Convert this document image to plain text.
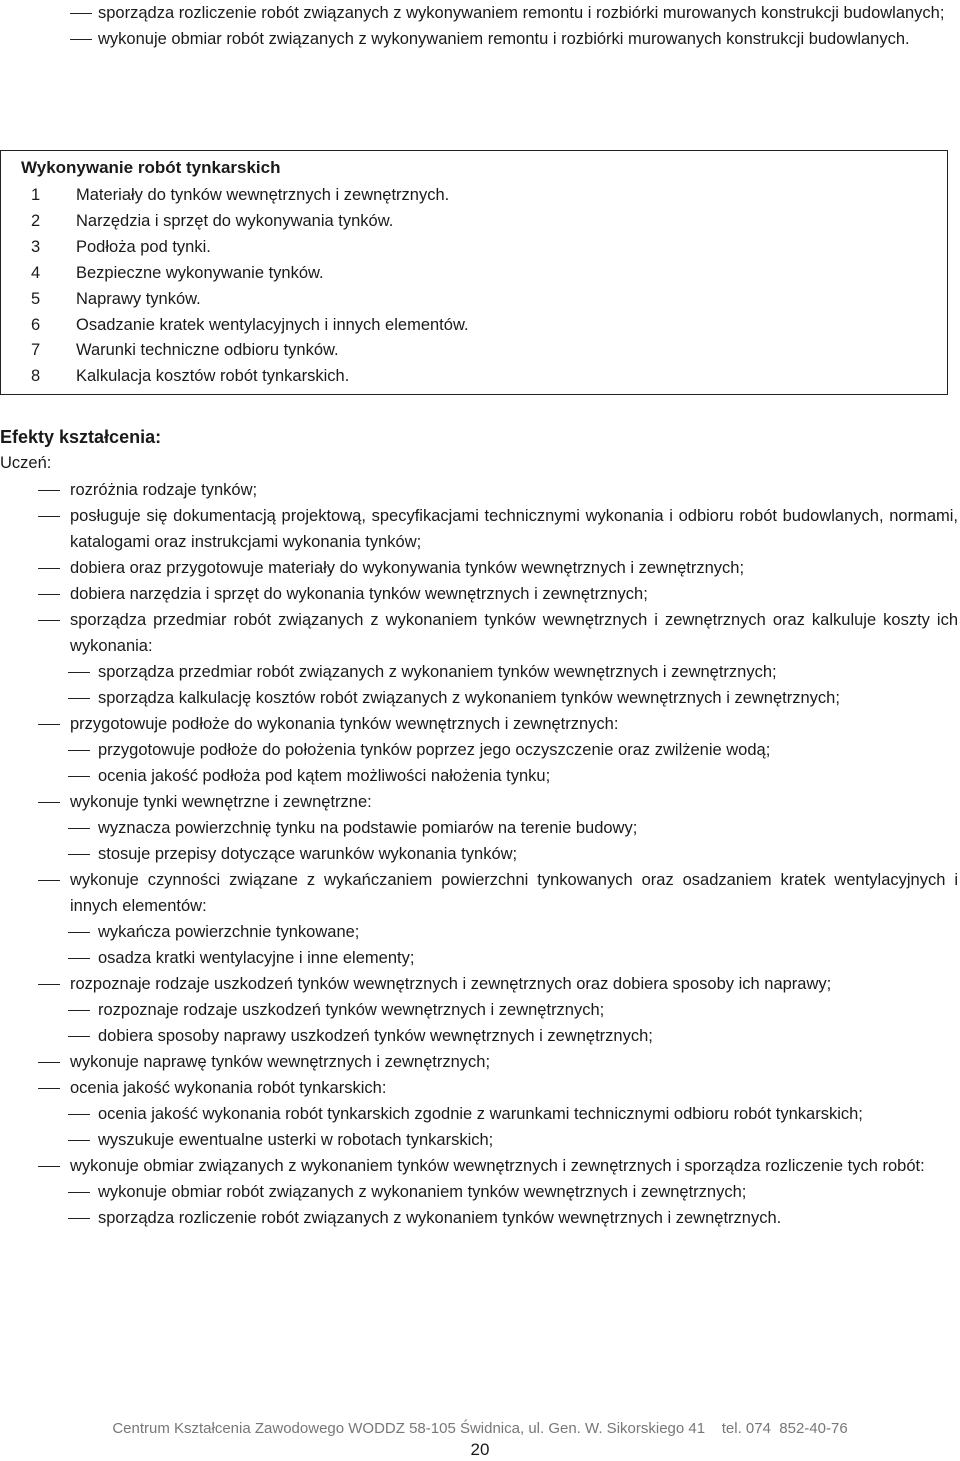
sporządza rozliczenie robót związanych z wykonywaniem remontu i rozbiórki murowanych konstrukcji budowlanych;
wykonuje obmiar robót związanych z wykonywaniem remontu i rozbiórki murowanych konstrukcji budowlanych.
Wykonywanie robót tynkarskich
1 Materiały do tynków wewnętrznych i zewnętrznych.
2 Narzędzia i sprzęt do wykonywania tynków.
3 Podłoża pod tynki.
4 Bezpieczne wykonywanie tynków.
5 Naprawy tynków.
6 Osadzanie kratek wentylacyjnych i innych elementów.
7 Warunki techniczne odbioru tynków.
8 Kalkulacja kosztów robót tynkarskich.
Efekty kształcenia:
Uczeń:
rozróżnia rodzaje tynków;
posługuje się dokumentacją projektową, specyfikacjami technicznymi wykonania i odbioru robót budowlanych, normami, katalogami oraz instrukcjami wykonania tynków;
dobiera oraz przygotowuje materiały do wykonywania tynków wewnętrznych i zewnętrznych;
dobiera narzędzia i sprzęt do wykonania tynków wewnętrznych i zewnętrznych;
sporządza przedmiar robót związanych z wykonaniem tynków wewnętrznych i zewnętrznych oraz kalkuluje koszty ich wykonania:
sporządza przedmiar robót związanych z wykonaniem tynków wewnętrznych i zewnętrznych;
sporządza kalkulację kosztów robót związanych z wykonaniem tynków wewnętrznych i zewnętrznych;
przygotowuje podłoże do wykonania tynków wewnętrznych i zewnętrznych:
przygotowuje podłoże do położenia tynków poprzez jego oczyszczenie oraz zwilżenie wodą;
ocenia jakość podłoża pod kątem możliwości nałożenia tynku;
wykonuje tynki wewnętrzne i zewnętrzne:
wyznacza powierzchnię tynku na podstawie pomiarów na terenie budowy;
stosuje przepisy dotyczące warunków wykonania tynków;
wykonuje czynności związane z wykańczaniem powierzchni tynkowanych oraz osadzaniem kratek wentylacyjnych i innych elementów:
wykańcza powierzchnie tynkowane;
osadza kratki wentylacyjne i inne elementy;
rozpoznaje rodzaje uszkodzeń tynków wewnętrznych i zewnętrznych oraz dobiera sposoby ich naprawy;
rozpoznaje rodzaje uszkodzeń tynków wewnętrznych i zewnętrznych;
dobiera sposoby naprawy uszkodzeń tynków wewnętrznych i zewnętrznych;
wykonuje naprawę tynków wewnętrznych i zewnętrznych;
ocenia jakość wykonania robót tynkarskich:
ocenia jakość wykonania robót tynkarskich zgodnie z warunkami technicznymi odbioru robót tynkarskich;
wyszukuje ewentualne usterki w robotach tynkarskich;
wykonuje obmiar związanych z wykonaniem tynków wewnętrznych i zewnętrznych i sporządza rozliczenie tych robót:
wykonuje obmiar robót związanych z wykonaniem tynków wewnętrznych i zewnętrznych;
sporządza rozliczenie robót związanych z wykonaniem tynków wewnętrznych i zewnętrznych.
Centrum Kształcenia Zawodowego WODDZ 58-105 Świdnica, ul. Gen. W. Sikorskiego 41    tel. 074  852-40-76
20
